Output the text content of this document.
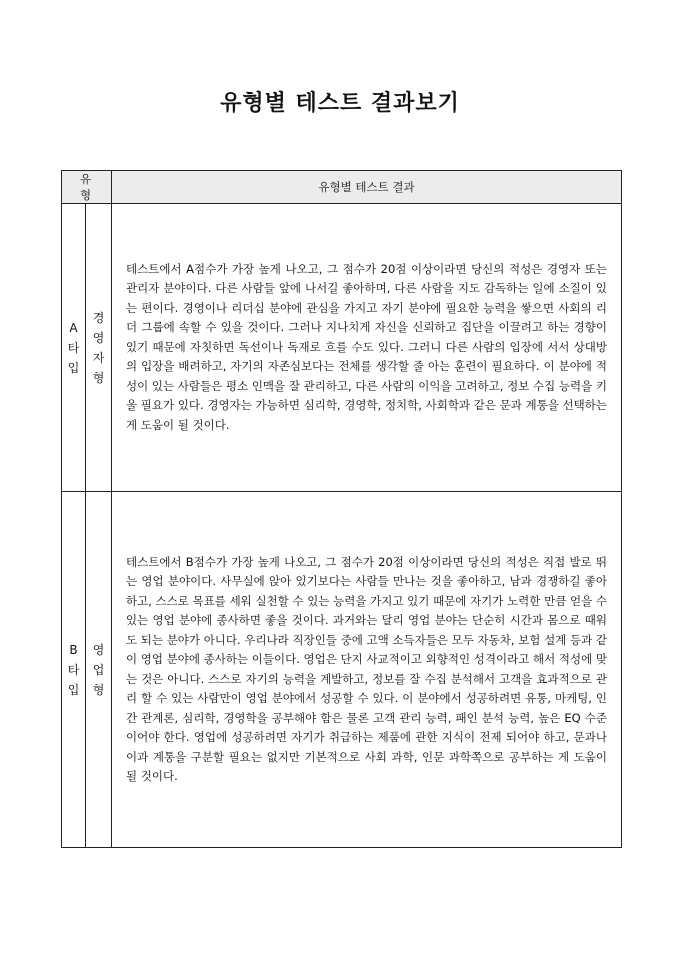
유형별 테스트 결과보기
유 형		유형별 테스트 결과
A타입	경영자형	테스트에서 A점수가 가장 높게 나오고, 그 점수가 20점 이상이라면 당신의 적성은 경영자 또는 관리자 분야이다. 다른 사람들 앞에 나서길 좋아하며, 다른 사람을 지도 감독하는 일에 소질이 있는 편이다. 경영이나 리더십 분야에 관심을 가지고 자기 분야에 필요한 능력을 쌓으면 사회의 리더 그룹에 속할 수 있을 것이다. 그러나 지나치게 자신을 신뢰하고 집단을 이끌려고 하는 경향이 있기 때문에 자칫하면 독선이나 독재로 흐를 수도 있다. 그러니 다른 사람의 입장에 서서 상대방의 입장을 배려하고, 자기의 자존심보다는 전체를 생각할 줄 아는 훈련이 필요하다. 이 분야에 적성이 있는 사람들은 평소 인맥을 잘 관리하고, 다른 사람의 이익을 고려하고, 정보 수집 능력을 키울 필요가 있다. 경영자는 가능하면 심리학, 경영학, 정치학, 사회학과 같은 문과 계통을 선택하는 게 도움이 될 것이다.

B타입	영업형	테스트에서 B점수가 가장 높게 나오고, 그 점수가 20점 이상이라면 당신의 적성은 직접 발로 뛰는 영업 분야이다. 사무실에 앉아 있기보다는 사람들 만나는 것을 좋아하고, 남과 경쟁하길 좋아하고, 스스로 목표를 세워 실천할 수 있는 능력을 가지고 있기 때문에 자기가 노력한 만큼 얻을 수 있는 영업 분야에 종사하면 좋을 것이다. 과거와는 달리 영업 분야는 단순히 시간과 몸으로 때워도 되는 분야가 아니다. 우리나라 직장인들 중에 고액 소득자들은 모두 자동차, 보험 설계 등과 같이 영업 분야에 종사하는 이들이다. 영업은 단지 사교적이고 외향적인 성격이라고 해서 적성에 맞는 것은 아니다. 스스로 자기의 능력을 계발하고, 정보를 잘 수집 분석해서 고객을 효과적으로 관리 할 수 있는 사람만이 영업 분야에서 성공할 수 있다. 이 분야에서 성공하려면 유통, 마케팅, 인간 관계론, 심리학, 경영학을 공부해야 함은 물론 고객 관리 능력, 패인 분석 능력, 높은 EQ 수준이어야 한다. 영업에 성공하려면 자기가 취급하는 제품에 관한 지식이 전제 되어야 하고, 문과나 이과 계통을 구분할 필요는 없지만 기본적으로 사회 과학, 인문 과학쪽으로 공부하는 게 도움이 될 것이다.
